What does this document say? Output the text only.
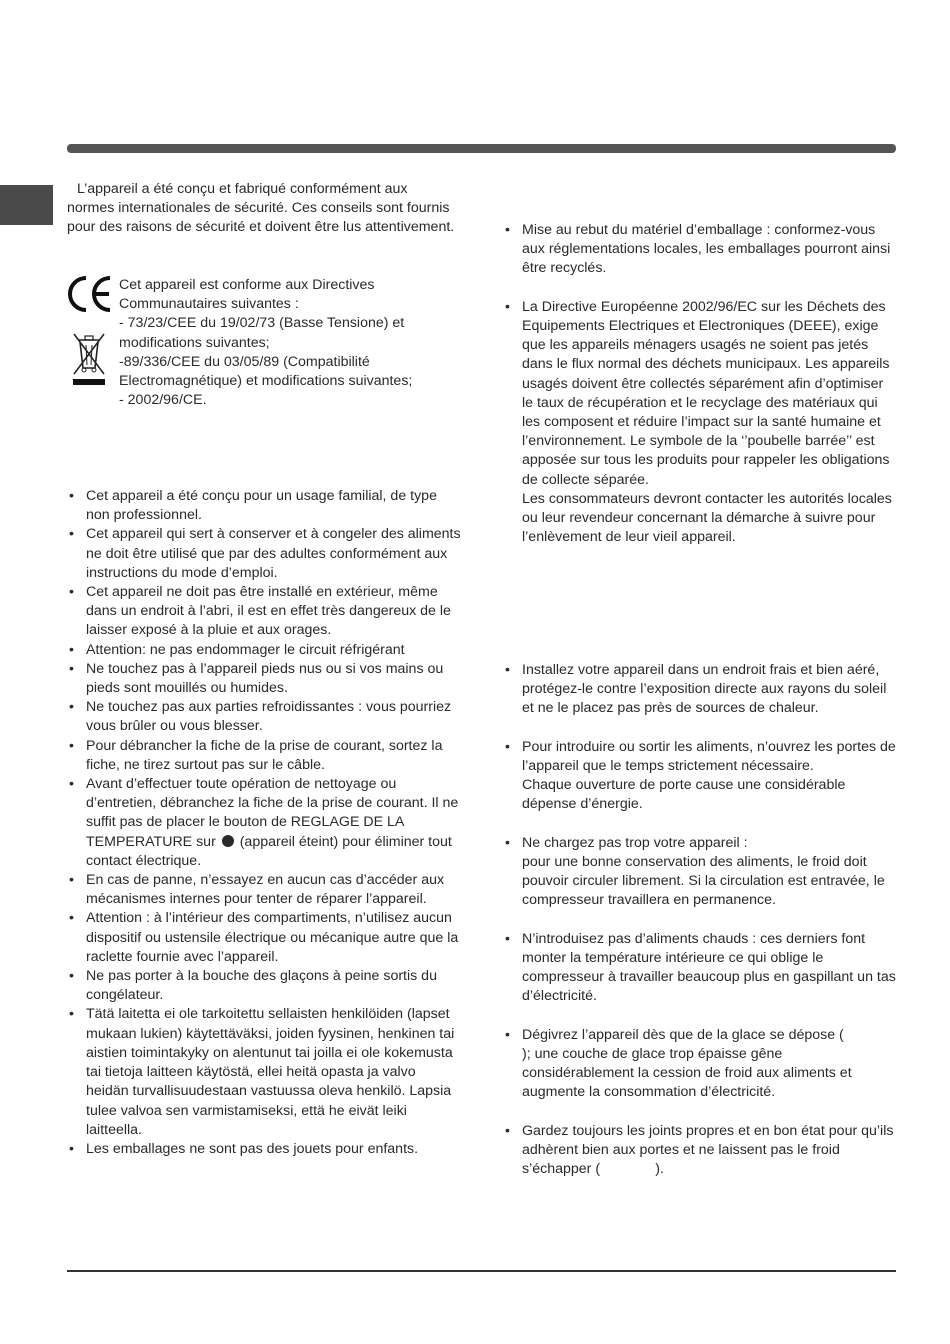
L’appareil a été conçu et fabriqué conformément aux normes internationales de sécurité. Ces conseils sont fournis pour des raisons de sécurité et doivent être lus attentivement.

Cet appareil est conforme aux Directives
Communautaires suivantes :
- 73/23/CEE du 19/02/73 (Basse Tensione) et
modifications suivantes;
-89/336/CEE du 03/05/89 (Compatibilité
Electromagnétique) et modifications suivantes;
- 2002/96/CE.
• Cet appareil a été conçu pour un usage familial, de type non professionnel.
• Cet appareil qui sert à conserver et à congeler des aliments ne doit être utilisé que par des adultes conformément aux instructions du mode d’emploi.
• Cet appareil ne doit pas être installé en extérieur, même dans un endroit à l’abri, il est en effet très dangereux de le laisser exposé à la pluie et aux orages.
• Attention: ne pas endommager le circuit réfrigérant
• Ne touchez pas à l’appareil pieds nus ou si vos mains ou pieds sont mouillés ou humides.
• Ne touchez pas aux parties refroidissantes : vous pourriez vous brûler ou vous blesser.
• Pour débrancher la fiche de la prise de courant, sortez la fiche, ne tirez surtout pas sur le câble.
• Avant d’effectuer toute opération de nettoyage ou d’entretien, débranchez la fiche de la prise de courant. Il ne suffit pas de placer le bouton de REGLAGE DE LA TEMPERATURE sur  (appareil éteint) pour éliminer tout contact électrique.
• En cas de panne, n’essayez en aucun cas d’accéder aux mécanismes internes pour tenter de réparer l’appareil.
• Attention : à l’intérieur des compartiments, n’utilisez aucun dispositif ou ustensile électrique ou mécanique autre que la raclette fournie avec l’appareil.
• Ne pas porter à la bouche des glaçons à peine sortis du congélateur.
• Tätä laitetta ei ole tarkoitettu sellaisten henkilöiden (lapset mukaan lukien) käytettäväksi, joiden fyysinen, henkinen tai aistien toimintakyky on alentunut tai joilla ei ole kokemusta tai tietoja laitteen käytöstä, ellei heitä opasta ja valvo heidän turvallisuudestaan vastuussa oleva henkilö. Lapsia tulee valvoa sen varmistamiseksi, että he eivät leiki laitteella.
• Les emballages ne sont pas des jouets pour enfants.
• Mise au rebut du matériel d’emballage : conformez-vous aux réglementations locales, les emballages pourront ainsi être recyclés.
• La Directive Européenne 2002/96/EC sur les Déchets des Equipements Electriques et Electroniques (DEEE), exige que les appareils ménagers usagés ne soient pas jetés dans le flux normal des déchets municipaux. Les appareils usagés doivent être collectés séparément afin d’optimiser le taux de récupération et le recyclage des matériaux qui les composent et réduire l’impact sur la santé humaine et l’environnement. Le symbole de la ‘’poubelle barrée’’ est apposée sur tous les produits pour rappeler les obligations de collecte séparée.
Les consommateurs devront contacter les autorités locales ou leur revendeur concernant la démarche à suivre pour l’enlèvement de leur vieil appareil.
• Installez votre appareil dans un endroit frais et bien aéré, protégez-le contre l’exposition directe aux rayons du soleil et ne le placez pas près de sources de chaleur.
• Pour introduire ou sortir les aliments, n’ouvrez les portes de l’appareil que le temps strictement nécessaire.
Chaque ouverture de porte cause une considérable dépense d’énergie.
• Ne chargez pas trop votre appareil :
pour une bonne conservation des aliments, le froid doit pouvoir circuler librement. Si la circulation est entravée, le compresseur travaillera en permanence.
• N’introduisez pas d’aliments chauds : ces derniers font monter la température intérieure ce qui oblige le compresseur à travailler beaucoup plus en gaspillant un tas d’électricité.
• Dégivrez l’appareil dès que de la glace se dépose (             ); une couche de glace trop épaisse gêne considérablement la cession de froid aux aliments et augmente la consommation d’électricité.
• Gardez toujours les joints propres et en bon état pour qu’ils adhèrent bien aux portes et ne laissent pas le froid s’échapper (              ).
